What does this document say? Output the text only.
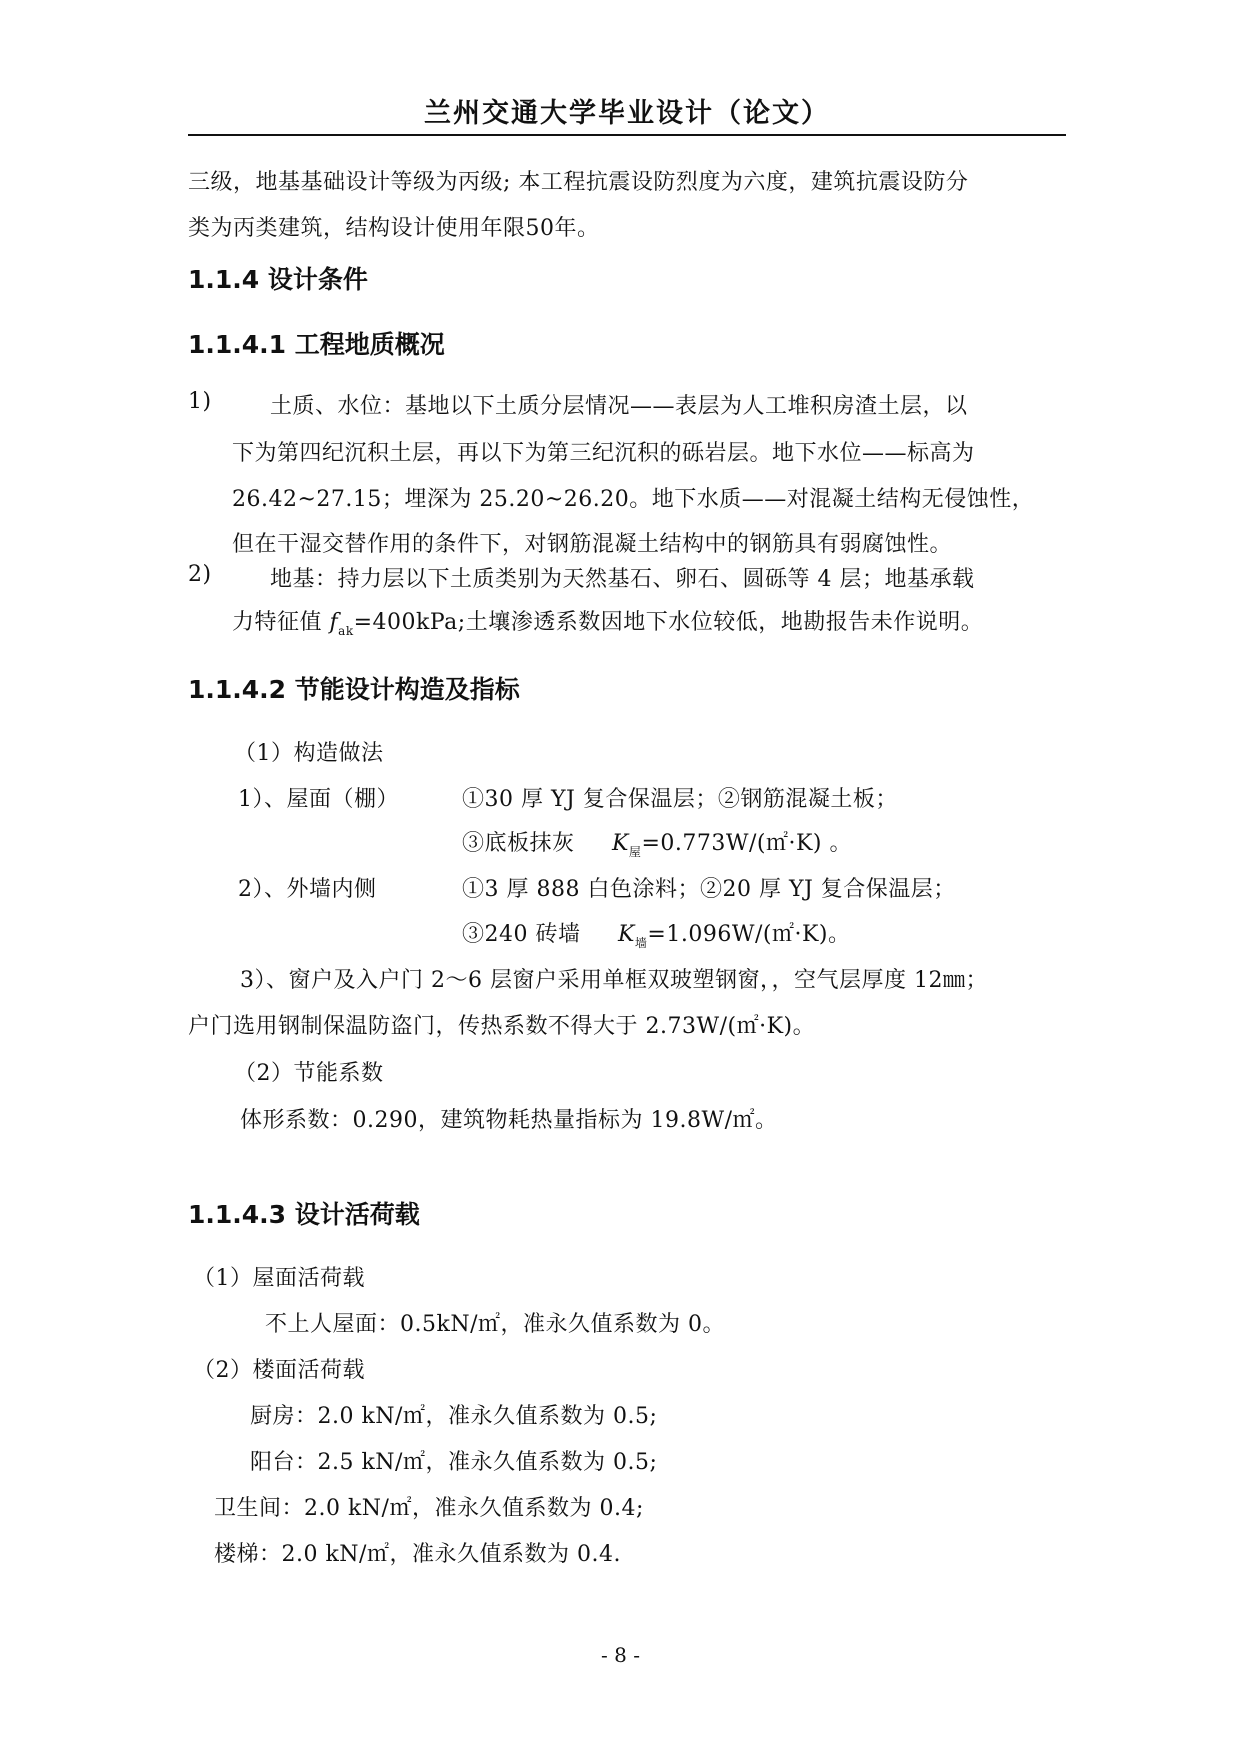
兰州交通大学毕业设计（论文）
三级，地基基础设计等级为丙级; 本工程抗震设防烈度为六度，建筑抗震设防分
类为丙类建筑，结构设计使用年限50年。
1.1.4 设计条件
1.1.4.1 工程地质概况
1)	土质、水位：基地以下土质分层情况——表层为人工堆积房渣土层，以
下为第四纪沉积土层，再以下为第三纪沉积的砾岩层。地下水位——标高为
26.42~27.15；埋深为 25.20~26.20。地下水质——对混凝土结构无侵蚀性，
但在干湿交替作用的条件下，对钢筋混凝土结构中的钢筋具有弱腐蚀性。
2)	地基：持力层以下土质类别为天然基石、卵石、圆砾等 4 层；地基承载
力特征值 $f_{ak}=400kPa$;土壤渗透系数因地下水位较低，地勘报告未作说明。
1.1.4.2 节能设计构造及指标
（1）构造做法
1）、屋面（棚）	①30 厚 YJ 复合保温层；②钢筋混凝土板；
③底板抹灰 $K_屋=0.773W/(㎡\cdot K)$ 。
2）、外墙内侧	①3 厚 888 白色涂料；②20 厚 YJ 复合保温层；
③240 砖墙 $K_墙=1.096W/(㎡\cdot K)$。
3）、窗户及入户门 2～6 层窗户采用单框双玻塑钢窗，，空气层厚度 12㎜；
户门选用钢制保温防盗门，传热系数不得大于 2.73W/(㎡·K)。
（2）节能系数
体形系数：0.290，建筑物耗热量指标为 19.8W/㎡。
1.1.4.3 设计活荷载
（1）屋面活荷载
不上人屋面：0.5kN/㎡，准永久值系数为 0。
（2）楼面活荷载
厨房：2.0 kN/㎡，准永久值系数为 0.5;
阳台：2.5 kN/㎡，准永久值系数为 0.5;
卫生间：2.0 kN/㎡，准永久值系数为 0.4;
楼梯：2.0 kN/㎡，准永久值系数为 0.4.
- 8 -
